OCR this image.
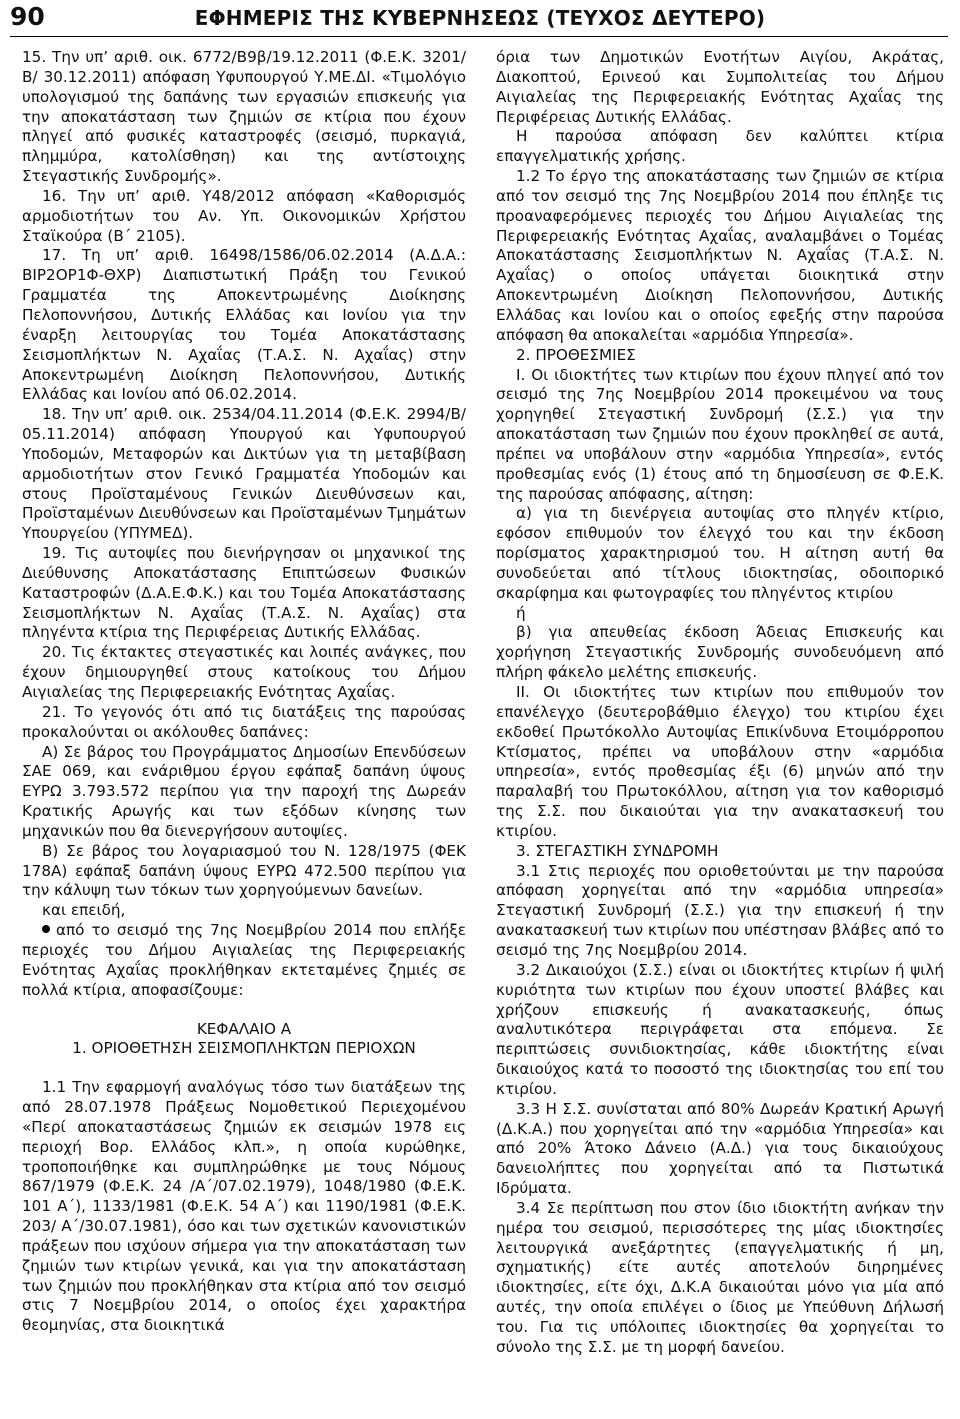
90	ΕΦΗΜΕΡΙΣ ΤΗΣ ΚΥΒΕΡΝΗΣΕΩΣ (ΤΕΥΧΟΣ ΔΕΥΤΕΡΟ)

15. Την υπ’ αριθ. οικ. 6772/Β9β/19.12.2011 (Φ.Ε.Κ. 3201/Β/ 30.12.2011) απόφαση Υφυπουργού Υ.ΜΕ.ΔΙ. «Τιμολόγιο υπολογισμού της δαπάνης των εργασιών επισκευής για την αποκατάσταση των ζημιών σε κτίρια που έχουν πληγεί από φυσικές καταστροφές (σεισμό, πυρκαγιά, πλημμύρα, κατολίσθηση) και της αντίστοιχης Στεγαστικής Συνδρομής».

16. Την υπ’ αριθ. Υ48/2012 απόφαση «Καθορισμός αρμοδιοτήτων του Αν. Υπ. Οικονομικών Χρήστου Σταϊκούρα (Β΄ 2105).

17. Τη υπ’ αριθ. 16498/1586/06.02.2014 (Α.Δ.Α.: ΒΙΡ2ΟΡ1Φ-ΘΧΡ) Διαπιστωτική Πράξη του Γενικού Γραμματέα της Αποκεντρωμένης Διοίκησης Πελοποννήσου, Δυτικής Ελλάδας και Ιονίου για την έναρξη λειτουργίας του Τομέα Αποκατάστασης Σεισμοπλήκτων Ν. Αχαΐας (Τ.Α.Σ. Ν. Αχαΐας) στην Αποκεντρωμένη Διοίκηση Πελοποννήσου, Δυτικής Ελλάδας και Ιονίου από 06.02.2014.

18. Την υπ’ αριθ. οικ. 2534/04.11.2014 (Φ.Ε.Κ. 2994/Β/ 05.11.2014) απόφαση Υπουργού και Υφυπουργού Υποδομών, Μεταφορών και Δικτύων για τη μεταβίβαση αρμοδιοτήτων στον Γενικό Γραμματέα Υποδομών και στους Προϊσταμένους Γενικών Διευθύνσεων και, Προϊσταμένων Διευθύνσεων και Προϊσταμένων Τμημάτων Υπουργείου (ΥΠΥΜΕΔ).

19. Τις αυτοψίες που διενήργησαν οι μηχανικοί της Διεύθυνσης Αποκατάστασης Επιπτώσεων Φυσικών Καταστροφών (Δ.Α.Ε.Φ.Κ.) και του Τομέα Αποκατάστασης Σεισμοπλήκτων Ν. Αχαΐας (Τ.Α.Σ. Ν. Αχαΐας) στα πληγέντα κτίρια της Περιφέρειας Δυτικής Ελλάδας.

20. Τις έκτακτες στεγαστικές και λοιπές ανάγκες, που έχουν δημιουργηθεί στους κατοίκους του Δήμου Αιγιαλείας της Περιφερειακής Ενότητας Αχαΐας.

21. Το γεγονός ότι από τις διατάξεις της παρούσας προκαλούνται οι ακόλουθες δαπάνες:

Α) Σε βάρος του Προγράμματος Δημοσίων Επενδύσεων ΣΑΕ 069, και ενάριθμου έργου εφάπαξ δαπάνη ύψους ΕΥΡΩ 3.793.572 περίπου για την παροχή της Δωρεάν Κρατικής Αρωγής και των εξόδων κίνησης των μηχανικών που θα διενεργήσουν αυτοψίες.

Β) Σε βάρος του λογαριασμού του Ν. 128/1975 (ΦΕΚ 178Α) εφάπαξ δαπάνη ύψους ΕΥΡΩ 472.500 περίπου για την κάλυψη των τόκων των χορηγούμενων δανείων.

και επειδή,

από το σεισμό της 7ης Νοεμβρίου 2014 που επλήξε περιοχές του Δήμου Αιγιαλείας της Περιφερειακής Ενότητας Αχαΐας προκλήθηκαν εκτεταμένες ζημιές σε πολλά κτίρια, αποφασίζουμε:

ΚΕΦΑΛΑΙΟ Α

1. ΟΡΙΟΘΕΤΗΣΗ ΣΕΙΣΜΟΠΛΗΚΤΩΝ ΠΕΡΙΟΧΩΝ

1.1 Την εφαρμογή αναλόγως τόσο των διατάξεων της από 28.07.1978 Πράξεως Νομοθετικού Περιεχομένου «Περί αποκαταστάσεως ζημιών εκ σεισμών 1978 εις περιοχή Βορ. Ελλάδος κλπ.», η οποία κυρώθηκε, τροποποιήθηκε και συμπληρώθηκε με τους Νόμους 867/1979 (Φ.Ε.Κ. 24 /Α΄/07.02.1979), 1048/1980 (Φ.Ε.Κ. 101 Α΄), 1133/1981 (Φ.Ε.Κ. 54 Α΄) και 1190/1981 (Φ.Ε.Κ. 203/ Α΄/30.07.1981), όσο και των σχετικών κανονιστικών πράξεων που ισχύουν σήμερα για την αποκατάσταση των ζημιών των κτιρίων γενικά, και για την αποκατάσταση των ζημιών που προκλήθηκαν στα κτίρια από τον σεισμό στις 7 Νοεμβρίου 2014, ο οποίος έχει χαρακτήρα θεομηνίας, στα διοικητικά

όρια των Δημοτικών Ενοτήτων Αιγίου, Ακράτας, Διακοπτού, Ερινεού και Συμπολιτείας του Δήμου Αιγιαλείας της Περιφερειακής Ενότητας Αχαΐας της Περιφέρειας Δυτικής Ελλάδας.

Η παρούσα απόφαση δεν καλύπτει κτίρια επαγγελματικής χρήσης.

1.2 Το έργο της αποκατάστασης των ζημιών σε κτίρια από τον σεισμό της 7ης Νοεμβρίου 2014 που έπληξε τις προαναφερόμενες περιοχές του Δήμου Αιγιαλείας της Περιφερειακής Ενότητας Αχαΐας, αναλαμβάνει ο Τομέας Αποκατάστασης Σεισμοπλήκτων Ν. Αχαΐας (Τ.Α.Σ. Ν. Αχαΐας) ο οποίος υπάγεται διοικητικά στην Αποκεντρωμένη Διοίκηση Πελοποννήσου, Δυτικής Ελλάδας και Ιονίου και ο οποίος εφεξής στην παρούσα απόφαση θα αποκαλείται «αρμόδια Υπηρεσία».

2. ΠΡΟΘΕΣΜΙΕΣ

Ι. Οι ιδιοκτήτες των κτιρίων που έχουν πληγεί από τον σεισμό της 7ης Νοεμβρίου 2014 προκειμένου να τους χορηγηθεί Στεγαστική Συνδρομή (Σ.Σ.) για την αποκατάσταση των ζημιών που έχουν προκληθεί σε αυτά, πρέπει να υποβάλουν στην «αρμόδια Υπηρεσία», εντός προθεσμίας ενός (1) έτους από τη δημοσίευση σε Φ.Ε.Κ. της παρούσας απόφασης, αίτηση:

α) για τη διενέργεια αυτοψίας στο πληγέν κτίριο, εφόσον επιθυμούν τον έλεγχό του και την έκδοση πορίσματος χαρακτηρισμού του. Η αίτηση αυτή θα συνοδεύεται από τίτλους ιδιοκτησίας, οδοιπορικό σκαρίφημα και φωτογραφίες του πληγέντος κτιρίου

ή

β) για απευθείας έκδοση Άδειας Επισκευής και χορήγηση Στεγαστικής Συνδρομής συνοδευόμενη από πλήρη φάκελο μελέτης επισκευής.

ΙΙ. Οι ιδιοκτήτες των κτιρίων που επιθυμούν τον επανέλεγχο (δευτεροβάθμιο έλεγχο) του κτιρίου έχει εκδοθεί Πρωτόκολλο Αυτοψίας Επικίνδυνα Ετοιμόρροπου Κτίσματος, πρέπει να υποβάλουν στην «αρμόδια υπηρεσία», εντός προθεσμίας έξι (6) μηνών από την παραλαβή του Πρωτοκόλλου, αίτηση για τον καθορισμό της Σ.Σ. που δικαιούται για την ανακατασκευή του κτιρίου.

3. ΣΤΕΓΑΣΤΙΚΗ ΣΥΝΔΡΟΜΗ

3.1 Στις περιοχές που οριοθετούνται με την παρούσα απόφαση χορηγείται από την «αρμόδια υπηρεσία» Στεγαστική Συνδρομή (Σ.Σ.) για την επισκευή ή την ανακατασκευή των κτιρίων που υπέστησαν βλάβες από το σεισμό της 7ης Νοεμβρίου 2014.

3.2 Δικαιούχοι (Σ.Σ.) είναι οι ιδιοκτήτες κτιρίων ή ψιλή κυριότητα των κτιρίων που έχουν υποστεί βλάβες και χρήζουν επισκευής ή ανακατασκευής, όπως αναλυτικότερα περιγράφεται στα επόμενα. Σε περιπτώσεις συνιδιοκτησίας, κάθε ιδιοκτήτης είναι δικαιούχος κατά το ποσοστό της ιδιοκτησίας του επί του κτιρίου.

3.3 Η Σ.Σ. συνίσταται από 80% Δωρεάν Κρατική Αρωγή (Δ.Κ.Α.) που χορηγείται από την «αρμόδια Υπηρεσία» και από 20% Άτοκο Δάνειο (Α.Δ.) για τους δικαιούχους δανειολήπτες που χορηγείται από τα Πιστωτικά Ιδρύματα.

3.4 Σε περίπτωση που στον ίδιο ιδιοκτήτη ανήκαν την ημέρα του σεισμού, περισσότερες της μίας ιδιοκτησίες λειτουργικά ανεξάρτητες (επαγγελματικής ή μη, σχηματικής) είτε αυτές αποτελούν διηρημένες ιδιοκτησίες, είτε όχι, Δ.Κ.Α δικαιούται μόνο για μία από αυτές, την οποία επιλέγει ο ίδιος με Υπεύθυνη Δήλωσή του. Για τις υπόλοιπες ιδιοκτησίες θα χορηγείται το σύνολο της Σ.Σ. με τη μορφή δανείου.
